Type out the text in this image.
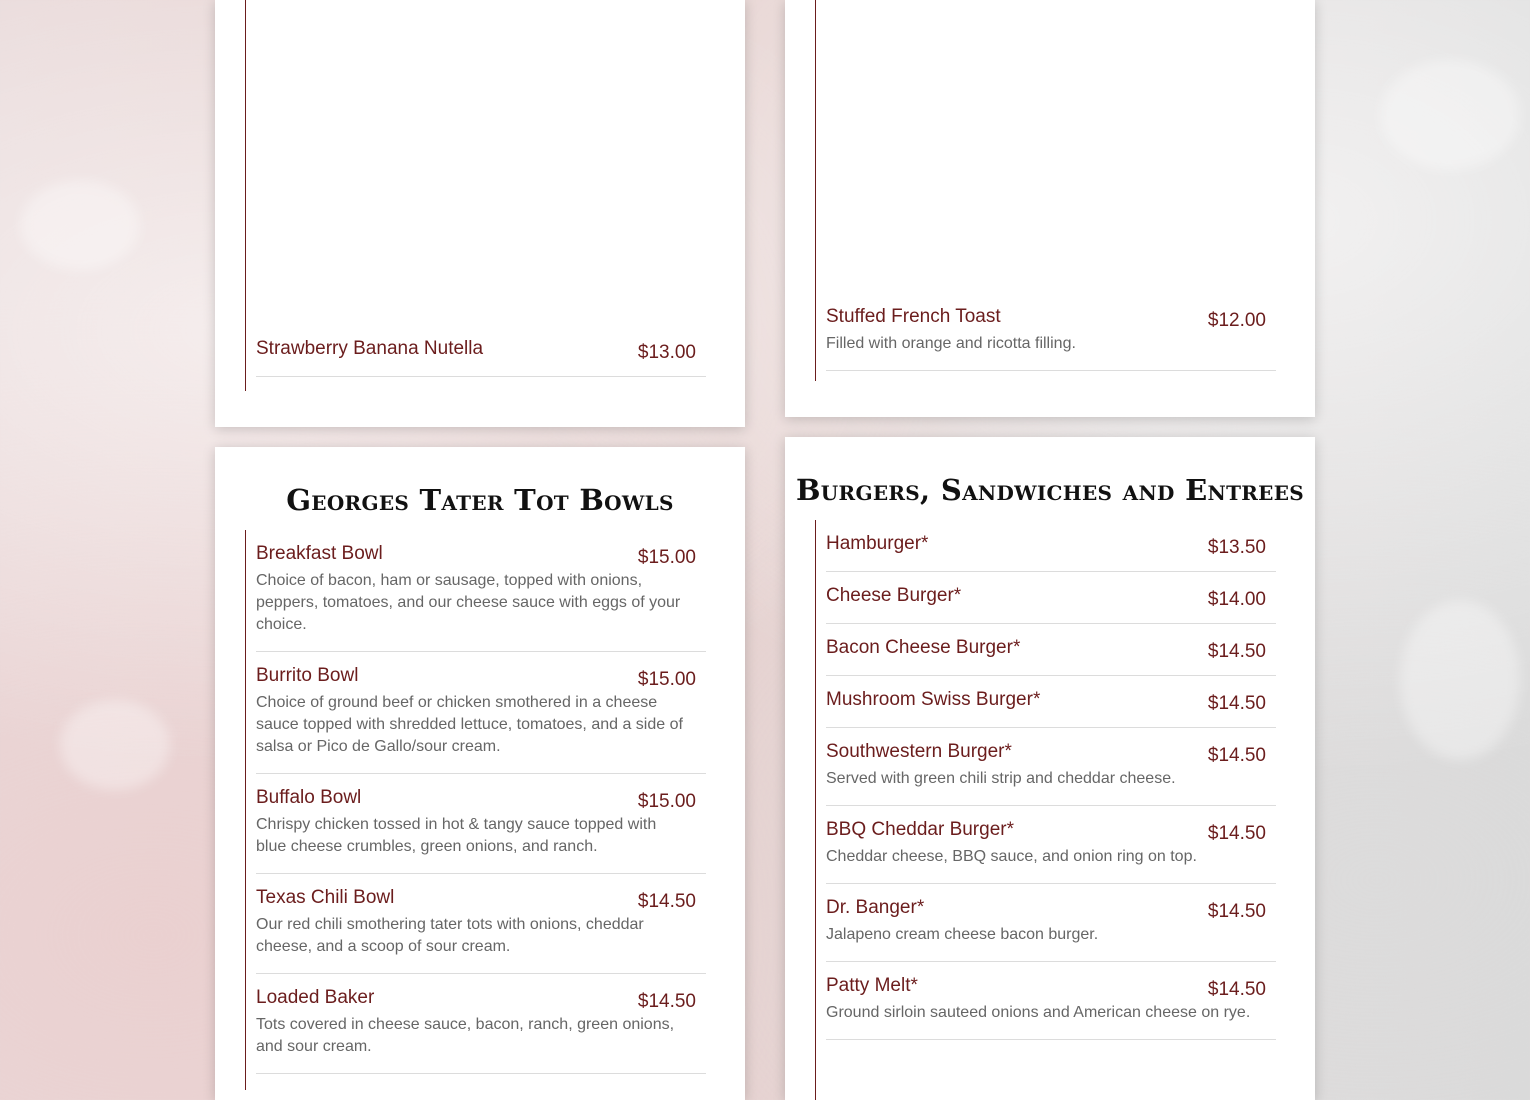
Strawberry Banana Nutella	$13.00
Stuffed French Toast	$12.00
Filled with orange and ricotta filling.
Georges Tater Tot Bowls
Breakfast Bowl	$15.00
Choice of bacon, ham or sausage, topped with onions, peppers, tomatoes, and our cheese sauce with eggs of your choice.
Burrito Bowl	$15.00
Choice of ground beef or chicken smothered in a cheese sauce topped with shredded lettuce, tomatoes, and a side of salsa or Pico de Gallo/sour cream.
Buffalo Bowl	$15.00
Chrispy chicken tossed in hot & tangy sauce topped with blue cheese crumbles, green onions, and ranch.
Texas Chili Bowl	$14.50
Our red chili smothering tater tots with onions, cheddar cheese, and a scoop of sour cream.
Loaded Baker	$14.50
Tots covered in cheese sauce, bacon, ranch, green onions, and sour cream.
Burgers, Sandwiches and Entrees
Hamburger*	$13.50
Cheese Burger*	$14.00
Bacon Cheese Burger*	$14.50
Mushroom Swiss Burger*	$14.50
Southwestern Burger*	$14.50
Served with green chili strip and cheddar cheese.
BBQ Cheddar Burger*	$14.50
Cheddar cheese, BBQ sauce, and onion ring on top.
Dr. Banger*	$14.50
Jalapeno cream cheese bacon burger.
Patty Melt*	$14.50
Ground sirloin sauteed onions and American cheese on rye.
